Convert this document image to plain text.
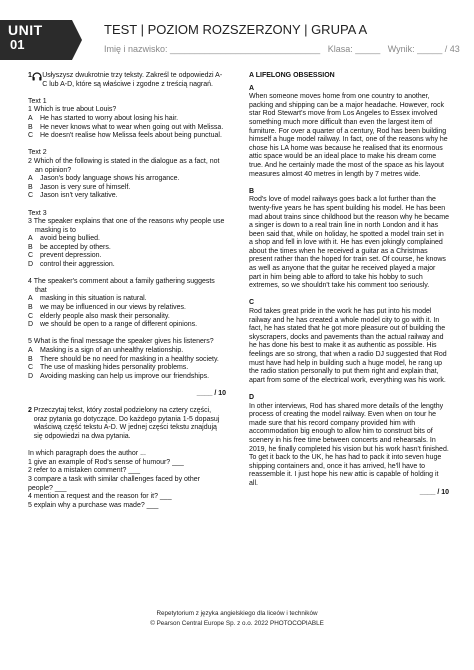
UNIT
01
TEST | POZIOM ROZSZERZONY | GRUPA A
Imię i nazwisko: ______________________________ Klasa: _____ Wynik: _____ / 43
1 Usłyszysz dwukrotnie trzy teksty. Zakreśl te odpowiedzi A-C lub A-D, które są właściwe i zgodne z treścią nagrań.

Text 1

1 Which is true about Louis?

A	He has started to worry about losing his hair.
B	He never knows what to wear when going out with Melissa.
C He doesn't realise how Melissa feels about being punctual.

Text 2

2 Which of the following is stated in the dialogue as a fact, not an opinion?

A	Jason's body language shows his arrogance.
B	Jason is very sure of himself.
C Jason isn't very talkative.

Text 3

3 The speaker explains that one of the reasons why people use masking is to

A	avoid being bullied.
B	be accepted by others.
C prevent depression.
D control their aggression.

4 The speaker's comment about a family gathering suggests that

A	masking in this situation is natural.
B	we may be influenced in our views by relatives.
C elderly people also mask their personality.
D we should be open to a range of different opinions.

5 What is the final message the speaker gives his listeners?

A	Masking is a sign of an unhealthy relationship.
B	There should be no need for masking in a healthy society.
C The use of masking hides personality problems.
D Avoiding masking can help us improve our friendships.
____ / 10
2 Przeczytaj tekst, który został podzielony na cztery części, oraz pytania go dotyczące. Do każdego pytania 1-5 dopasuj właściwą część tekstu A-D. W jednej części tekstu znajdują się odpowiedzi na dwa pytania.

In which paragraph does the author ...

1 give an example of Rod's sense of humour? ___

2 refer to a mistaken comment? ___

3 compare a task with similar challenges faced by other people? ___

4 mention a request and the reason for it? ___

5 explain why a purchase was made? ___

A LIFELONG OBSESSION

A

When someone moves home from one country to another, packing and shipping can be a major headache. However, rock star Rod Stewart's move from Los Angeles to Essex involved something much more difficult than even the largest item of furniture. For over a quarter of a century, Rod has been building himself a huge model railway. In fact, one of the reasons why he chose his LA home was because he realised that its enormous attic space would be an ideal place to make his dream come true. And he certainly made the most of the space as his layout measures almost 40 metres in length by 7 metres wide.

B

Rod's love of model railways goes back a lot further than the twenty-five years he has spent building his model. He has been mad about trains since childhood but the reason why he became a singer is down to a real train line in north London and it has been said that, while on holiday, he spotted a model train set in a shop and fell in love with it. He has even jokingly complained about the times when he received a guitar as a Christmas present rather than the hoped for train set. Of course, he knows as well as anyone that the guitar he received played a major part in him being able to afford to take his hobby to such extremes, so we shouldn't take his comment too seriously.

C

Rod takes great pride in the work he has put into his model railway and he has created a whole model city to go with it. In fact, he has stated that he got more pleasure out of building the skyscrapers, docks and pavements than the actual railway and he has done his best to make it as authentic as possible. His feelings are so strong, that when a radio DJ suggested that Rod must have had help in building such a huge model, he rang up the radio station personally to put them right and explain that, apart from some of the electrical work, everything was his work.

D

In other interviews, Rod has shared more details of the lengthy process of creating the model railway. Even when on tour he made sure that his record company provided him with accommodation big enough to allow him to construct bits of scenery in his free time between concerts and rehearsals. In 2019, he finally completed his vision but his work hasn't finished. To get it back to the UK, he has had to pack it into seven huge shipping containers and, once it has arrived, he'll have to reassemble it. I just hope his new attic is capable of holding it all.

____ / 10
Repetytorium z języka angielskiego dla liceów i techników
© Pearson Central Europe Sp. z o.o. 2022 PHOTOCOPIABLE
